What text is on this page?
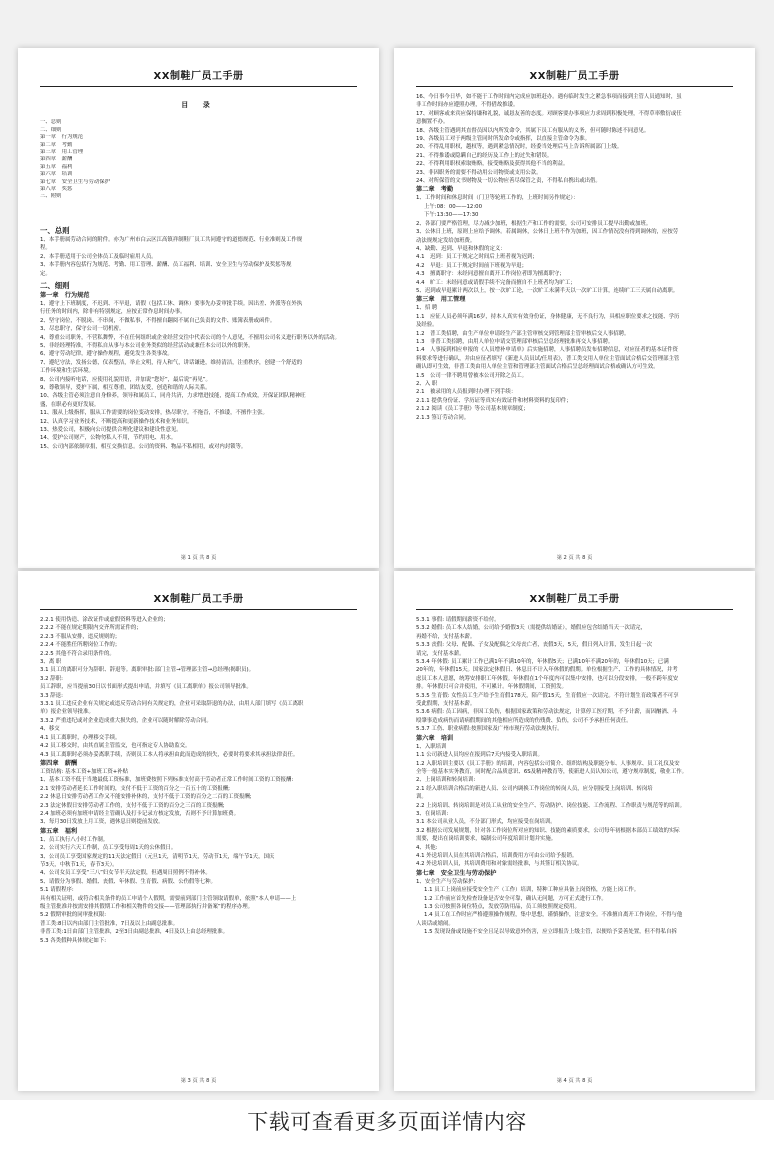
XX制鞋厂员工手册
目 录
一、总则
二、细则
第一章　行为规范
第二章　考勤
第三章　用工管理
第四章　薪酬
第五章　福利
第六章　培训
第七章　安全卫生与劳动保护
第八章　奖惩
三、附则
一、总则
1、本手册属劳动合同的附件。亦为广州市白云区江高镇祥制鞋厂员工共同遵守的道德规范、行业准则及工作规
程。
2、本手册适用于公司全体员工及临时雇用人员。
3、本手册内容包括行为规范、考勤、用工管理、薪酬、员工福利、培训、安全卫生与劳动保护及奖惩等规
定。
二、细则
第一章　行为规范
1、遵守上下班制度，不迟到、不早退，请假（包括工休、调休）要事先办妥审批手续。因出差、外派等在外执
行任务的时间内，除非有特别规定，应按正常作息时间办事。
2、坚守岗位，不脱岗、不串岗，不做私事，不得擅自翻阅不属自己负责的文件、账簿表册或函件。
3、尽忠职守，保守公司一切机密。
4、尊重公司职务，不营私舞弊，不在任何组织或企业经营交往中代表公司的个人意见，不擅用公司名义进行职务以外的活动。
5、非经经理特准，不得私自从事与本公司业务类似的经营活动或兼任本公司以外的职务。
6、遵守劳动纪律，遵守操作规程，避免发生各类事故。
7、遵纪守法，发扬公德，仪表整洁，举止文明，待人和气，讲话谦逊，维持清洁，注重秩序，创建一个舒适的
工作环境和生活环境。
8、公司内接听电话，应使用礼貌用语，并加说“您好”，最后说“再见”。
9、尊敬领导，爱护下属，相互尊重，团结友爱，创造和谐的人际关系。
10、各级主管必须注意自身修养，领导和属员工，同舟共济，力求增进技能，提高工作成效，开保证团队精神旺
盛，在职必有更好发展。
11、服从上级指挥，服从工作需要的岗位变动安排，热尽职守，不拖沓，不推诿，不擅作主张。
12、认真学习业务技术，不断提高和更新操作技术和业务知识。
13、热爱公司，积极向公司提供合理化建议和建设性意见。
14、爱护公司财产，公物勿私人不用，节约用电、用水。
15、公司内部依制章捐，相互交换信息。公司的资料、物品不私相用，或对内封锁等。
第 1 页 共 8 页
XX制鞋厂员工手册
16、今日事今日毕，如不能于工作时间内完成应加班赶办。遇有临时发生之紧急事项而接到主管人员通知时，虽
非工作时间亦应遵照办理，不得借故推诿。
17、对顾客或来宾应保持谦和礼貌，诚恳友善的态度。对顾客要办事项应力求周到积极处理，不得草率敷衍或任
意搁置不办。
18、各级主管遇到其直督员因以内所发命令，其属下员工有服从的义务，但可随时陈述不同意见。
19、各级员工对于两级主管同时所发命令或指挥，以直接主管命令为准。
20、不得乱用职权，越权等，遇到紧急情况时，经委当处理后马上告诉所属部门上级。
21、不得推诿或隐瞒自己的经历及工作上的过失和错误。
22、不得利用职权索取贿赂，接受贿赂及获得其他不当的利益。
23、非因职务的需要不得动用公司物资或支用公款。
24、对所保管的文书财物及一切公物应善尽保管之责，不得私自携出或出借。
第二章　考勤
1、工作时间和休息时间（门卫等轮班工作的，上班时间另作规定）：
上午:08：00——12:00
下午:13:30——17:30
2、各部门要严格管理，尽力减少加班，根据生产和工作的需要，公司可安排员工提早出勤或加班。
3、公休日上班，原则上应给予调休。若属调休，公休日上班不作为加班，因工作情况没有得到调休的，应按劳
动法规规定发给加班费。
4、缺勤、迟到、早退和休假的定义：
4.1　迟到：员工于规定之时间后上班者视为迟到；
4.2　早退：员工于规定时间前下班视为早退；
4.3　擅离职守：未经同意擅自离开工作岗位者即为擅离职守；
4.4　旷工：未经同意或请假手续不完备而擅自不上班者均为旷工；
5、迟到或早退累计两次以上，按一次旷工论，一次旷工未满半天以一次旷工计算，连续旷工三天属自动离职。
第三章　用工管理
1、招 聘
1.1　应征人员必须年满16岁，持本人真实有效身份证，身体健康，无不良行为，具相应职位要求之技能、学历
及经验。
1.2　普工类招聘，由生产单位申请经生产部主管审核交到管理部主管审核后交人事招聘。
1.3　非普工类招聘，由用人单位申请交管理部审核后呈总经理批准再交人事招聘。
1.4　人事接到相应申报的《人员增补申请单》后实施招聘，人事招聘员发布招聘信息，对应征者的基本证件资
料要求等进行确认，并由应征者填写《新进人员员试/任用表》，普工类交用人单位主管面试合格后交管理部主管
确认即可生效，非普工类由用人单位主管和管理部主管面试合格后呈总经理面试合格或确认方可生效。
1.5　公司一律不聘用曾被本公司开除之员工。
2、入 职
2.1　被录用的人员报到时办理下列手续：
2.1.1 提供身份证、学历证等真实有效证件和材料资料的复印件；
2.1.2 阅读《员工手册》等公司基本规章制度；
2.1.3 签订劳动合同。
第 2 页 共 8 页
XX制鞋厂员工手册
2.2.1 使用伪造、涂改证件或虚假资料等进入企业的；
2.2.2 不能在规定期限内交齐所需证件的；
2.2.3 不服从安排，违反规则的；
2.2.4 不能胜任所聘岗位工作的；
2.2.5 其他不符合录用条件的。
3、离 职
3.1 员工的离职可分为辞职、辞退等。离职审批:部门主管→管理部主管→总经理(揭职员)。
3.2 辞职:
员工辞职，应当提前30日以书面形式提出申请，并填写《员工离职单》报公司领导批准。
3.3 辞退:
3.3.1 员工违反企业有关规定或违反劳动合同有关规定的，企业可采取辞退的办法，由用人部门填写《员工离职
单》报企业领导批准。
3.3.2 严重违纪或对企业造成重大损失的，企业可以随时解除劳动合同。
4、移交
4.1 员工离职时，办理移交手续。
4.2 员工移交时，由其直属主管监交，也可指定专人协助监交。
4.3 员工离职时必须办妥离职手续，否则员工本人将承担由此而造成的损失，必要时将要求其承担法律责任。
第四章　薪酬
工资结构: 基本工资+加班工资+补贴
1、基本工资不低于当地最低工资标准，加班费按照下列标准支付高于劳动者正常工作时间工资的工资报酬:
2.1 安排劳动者延长工作时间的，支付不低于工资的百分之一百五十的工资报酬;
2.2 休息日安排劳动者工作又不能安排补休的，支付不低于工资的百分之二百的工资报酬;
2.3 法定休假日安排劳动者工作的，支付不低于工资的百分之三百的工资报酬;
2.4 加班必须有加班申请经主管确认及打卡记录方核定发放，否则不予计算加班费。
3、每月30日发放上月工资，遇休息日则提前发放。
第五章　福利
1、员工执行八小时工作制。
2、公司实行六天工作制，员工享受每周1天的公休假日。
3、公司员工享受国家规定的11天法定假日（元旦1天，清明节1天，劳动节1天，端午节1天，国庆
节3天，中秋节1天，春节3天）。
4、公司女员工享受“三八”妇女节半天法定假，但遇周日照例不得补休。
5、请假分为事假、婚假、丧假、年休假、生育假、病假、公伤假等七种。
5.1 请假程序:
具有相关证明，或符合相关条件的员工申请个人假期，需要前到部门主管领取请假单，依照“本人申请——上
级主管批准并按需安排其假期工作和相关物件的交接——管理部执行并备案”的程序办理。
5.2 假期审批的同审批权限:
普工类:8日以内由部门主管批准，7日及以上由副总批准。
非普工类:1日由部门主管批准，2至3日由副总批准，4日及以上由总经理批准。
5.3 各类假种具体规定如下:
第 3 页 共 8 页
XX制鞋厂员工手册
5.3.1 事假: 请假期间薪资不给付。
5.3.2 婚假: 员工本人结婚，公司给予婚假3天（需提供结婚证），婚假应包含结婚当天一次请完，
再婚不给，支付基本薪。
5.3.3 丧假: 父母、配偶、子女及配偶之父母丧亡者，丧假3天，5天，假日列入计算，发生日起一次
请完，支付基本薪。
5.3.4 年休假: 员工累计工作已满1年不满10年的，年休假5天；已满10年不满20年的，年休假10天；已满
20年的，年休假15天。国家法定休假日、休息日不计入年休假的假期。单位根据生产、工作的具体情况，并考
虑员工本人意愿，统筹安排职工年休假。年休假在1个年度内可以集中安排，也可以分段安排，一般不跨年度安
排。年休假只可合并使用，不可累计。年休假期间，工资照发。
5.3.5 生育假: 女性员工生产给予生育假178天，陪产假15天，生育假应一次请完。不符计划生育政策者不可享
受此假期，支付基本薪。
5.3.6 病假: 员工因病，非因工负伤，根据国家政策和劳动法规定，计算停工医疗期，不予计薪，而因酗酒、斗
殴肇事造成病伤而请病假期间的其他相应所造成的伤残费、负伤，公司不予承担任何责任。
5.3.7 工伤、职业病假:按照国家及广州市现行劳动法规执行。
第六章　培训
1、入职培训
1.1 公司新进人员均应在报到后7天内接受入职培训。
1.2 入职培训主要以《员工手册》的培训，内容包括公司简介、组织结构及职能分布、人事规章、员工礼仪及安
全等一般基本实务教育，同时配合品质意识、6S及精神教育等，使新进人员认知公司，遵守规章制度，敬业工作。
2、上岗培训和转岗培训:
2.1 经入职培训合格后的新进人员、公司内调换工作岗位的转岗人员，应分别接受上岗培训、转岗培
训。
2.2 上岗培训、转岗培训是对员工从业的安全生产、劳动防护、岗位技能、工作流程、工作职责与规范等的培训。
3、在岗培训:
3.1 本公司从业人员，不分部门形式，均应接受在岗培训。
3.2 根据公司发展规划，针对各工作岗位所对应的知识、技能的素质要求，公司每年初根据本部员工绩效的实际
需要，提出在岗培训要求，编制公司年度培训计划并实施。
4、其他:
4.1 外送培训人员在其培训合格后，培训费用方可由公司给予报销。
4.2 外送培训人员，其培训费用和对象需经批准，与其签订相关协议。
第七章　安全卫生与劳动保护
1、安全生产与劳动保护:
1.1 员工上岗前应接受安全生产（工作）培训，特种工种应具备上岗资格，方能上岗工作。
1.2 工作前应首先检查设备是否安全可靠，确认无问题，方可正式进行工作。
1.3 公司按照各岗位特点，发放劳防用品，员工须按照规定使用。
1.4 员工在工作时应严格遵照操作规程，集中思想，谨慎操作，注意安全。不准擅自离开工作岗位，不得与他
人谈话或嬉闹。
1.5 发现设备或设施不安全且足以导致意外伤害，应立即报告上级主管，以便给予妥善处置，但不得私自拆
第 4 页 共 8 页
下载可查看更多页面详情内容
